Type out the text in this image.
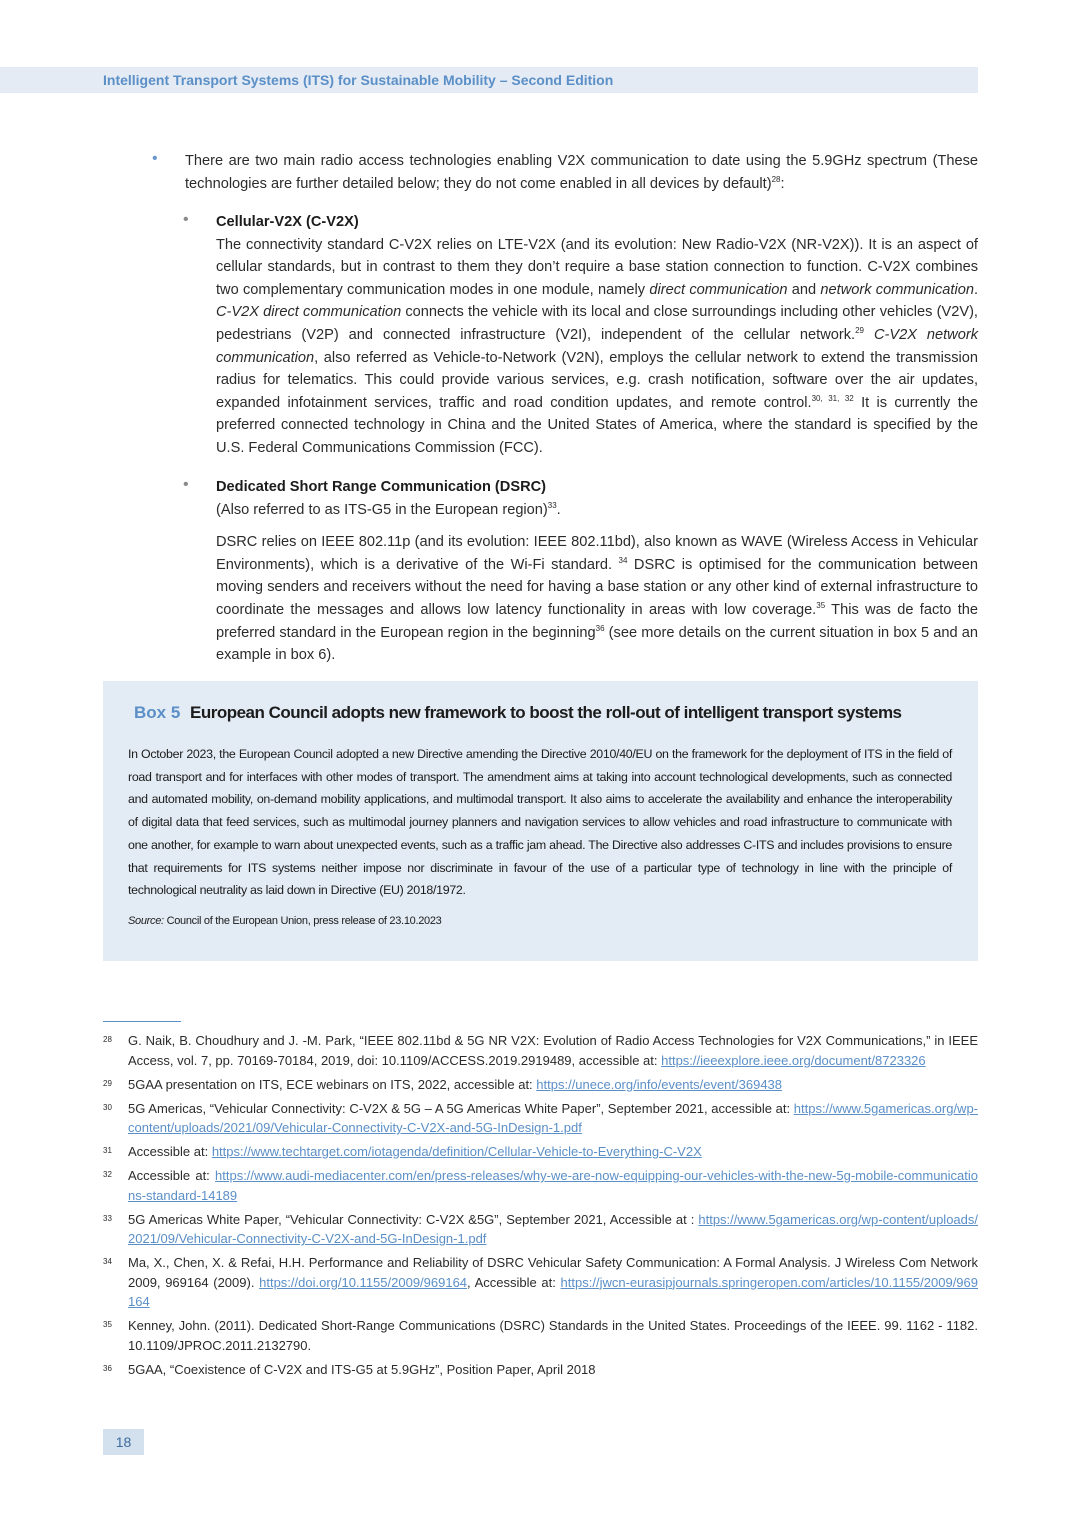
Intelligent Transport Systems (ITS) for Sustainable Mobility – Second Edition
• There are two main radio access technologies enabling V2X communication to date using the 5.9GHz spectrum (These technologies are further detailed below; they do not come enabled in all devices by default)$^{28}$:
• Cellular-V2X (C-V2X)
The connectivity standard C-V2X relies on LTE-V2X (and its evolution: New Radio-V2X (NR-V2X)). It is an aspect of cellular standards, but in contrast to them they don’t require a base station connection to function. C-V2X combines two complementary communication modes in one module, namely direct communication and network communication. C-V2X direct communication connects the vehicle with its local and close surroundings including other vehicles (V2V), pedestrians (V2P) and connected infrastructure (V2I), independent of the cellular network.$^{29}$ C-V2X network communication, also referred as Vehicle-to-Network (V2N), employs the cellular network to extend the transmission radius for telematics. This could provide various services, e.g. crash notification, software over the air updates, expanded infotainment services, traffic and road condition updates, and remote control.$^{30, 31, 32}$ It is currently the preferred connected technology in China and the United States of America, where the standard is specified by the U.S. Federal Communications Commission (FCC).
• Dedicated Short Range Communication (DSRC)
(Also referred to as ITS-G5 in the European region)$^{33}$.
DSRC relies on IEEE 802.11p (and its evolution: IEEE 802.11bd), also known as WAVE (Wireless Access in Vehicular Environments), which is a derivative of the Wi-Fi standard. $^{34}$ DSRC is optimised for the communication between moving senders and receivers without the need for having a base station or any other kind of external infrastructure to coordinate the messages and allows low latency functionality in areas with low coverage.$^{35}$ This was de facto the preferred standard in the European region in the beginning$^{36}$ (see more details on the current situation in box 5 and an example in box 6).
Box 5 European Council adopts new framework to boost the roll-out of intelligent transport systems
In October 2023, the European Council adopted a new Directive amending the Directive 2010/40/EU on the framework for the deployment of ITS in the field of road transport and for interfaces with other modes of transport. The amendment aims at taking into account technological developments, such as connected and automated mobility, on-demand mobility applications, and multimodal transport. It also aims to accelerate the availability and enhance the interoperability of digital data that feed services, such as multimodal journey planners and navigation services to allow vehicles and road infrastructure to communicate with one another, for example to warn about unexpected events, such as a traffic jam ahead. The Directive also addresses C-ITS and includes provisions to ensure that requirements for ITS systems neither impose nor discriminate in favour of the use of a particular type of technology in line with the principle of technological neutrality as laid down in Directive (EU) 2018/1972.
Source: Council of the European Union, press release of 23.10.2023
28 G. Naik, B. Choudhury and J. -M. Park, “IEEE 802.11bd & 5G NR V2X: Evolution of Radio Access Technologies for V2X Communications,” in IEEE Access, vol. 7, pp. 70169-70184, 2019, doi: 10.1109/ACCESS.2019.2919489, accessible at: https://ieeexplore.ieee.org/document/8723326
29 5GAA presentation on ITS, ECE webinars on ITS, 2022, accessible at: https://unece.org/info/events/event/369438
30 5G Americas, “Vehicular Connectivity: C-V2X & 5G – A 5G Americas White Paper”, September 2021, accessible at: https://www.5gamericas.org/wp-content/uploads/2021/09/Vehicular-Connectivity-C-V2X-and-5G-InDesign-1.pdf
31 Accessible at: https://www.techtarget.com/iotagenda/definition/Cellular-Vehicle-to-Everything-C-V2X
32 Accessible at: https://www.audi-mediacenter.com/en/press-releases/why-we-are-now-equipping-our-vehicles-with-the-new-5g-mobile-communications-standard-14189
33 5G Americas White Paper, “Vehicular Connectivity: C-V2X &5G”, September 2021, Accessible at : https://www.5gamericas.org/wp-content/uploads/2021/09/Vehicular-Connectivity-C-V2X-and-5G-InDesign-1.pdf
34 Ma, X., Chen, X. & Refai, H.H. Performance and Reliability of DSRC Vehicular Safety Communication: A Formal Analysis. J Wireless Com Network 2009, 969164 (2009). https://doi.org/10.1155/2009/969164, Accessible at: https://jwcn-eurasipjournals.springeropen.com/articles/10.1155/2009/969164
35 Kenney, John. (2011). Dedicated Short-Range Communications (DSRC) Standards in the United States. Proceedings of the IEEE. 99. 1162 - 1182. 10.1109/JPROC.2011.2132790.
36 5GAA, “Coexistence of C-V2X and ITS-G5 at 5.9GHz”, Position Paper, April 2018
18
